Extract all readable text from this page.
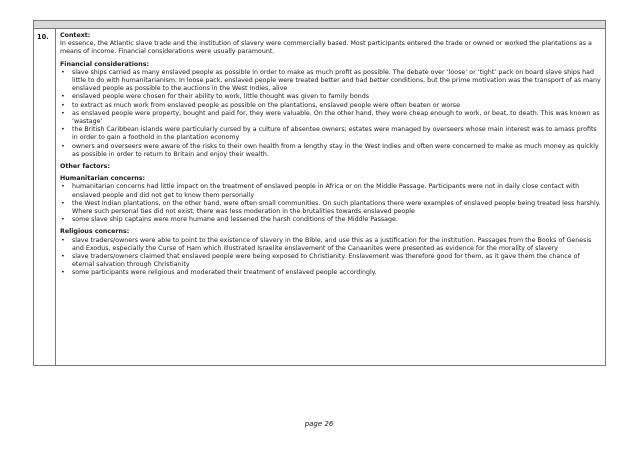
10.	Context:

In essence, the Atlantic slave trade and the institution of slavery were commercially based. Most participants entered the trade or owned or worked the plantations as a means of income. Financial considerations were usually paramount.

Financial considerations:
• slave ships carried as many enslaved people as possible in order to make as much profit as possible. The debate over ‘loose’ or ‘tight’ pack on board slave ships had little to do with humanitarianism. In loose pack, enslaved people were treated better and had better conditions, but the prime motivation was the transport of as many enslaved people as possible to the auctions in the West Indies, alive
• enslaved people were chosen for their ability to work, little thought was given to family bonds
• to extract as much work from enslaved people as possible on the plantations, enslaved people were often beaten or worse
• as enslaved people were property, bought and paid for, they were valuable. On the other hand, they were cheap enough to work, or beat, to death. This was known as ‘wastage’
• the British Caribbean islands were particularly cursed by a culture of absentee owners; estates were managed by overseers whose main interest was to amass profits in order to gain a foothold in the plantation economy
• owners and overseers were aware of the risks to their own health from a lengthy stay in the West Indies and often were concerned to make as much money as quickly as possible in order to return to Britain and enjoy their wealth.
Other factors:
Humanitarian concerns:
• humanitarian concerns had little impact on the treatment of enslaved people in Africa or on the Middle Passage. Participants were not in daily close contact with enslaved people and did not get to know them personally
• the West Indian plantations, on the other hand, were often small communities. On such plantations there were examples of enslaved people being treated less harshly. Where such personal ties did not exist, there was less moderation in the brutalities towards enslaved people
• some slave ship captains were more humane and lessened the harsh conditions of the Middle Passage.
Religious concerns:
• slave traders/owners were able to point to the existence of slavery in the Bible, and use this as a justification for the institution. Passages from the Books of Genesis and Exodus, especially the Curse of Ham which illustrated Israelite enslavement of the Canaanites were presented as evidence for the morality of slavery
• slave traders/owners claimed that enslaved people were being exposed to Christianity. Enslavement was therefore good for them, as it gave them the chance of eternal salvation through Christianity
• some participants were religious and moderated their treatment of enslaved people accordingly.
page 26
